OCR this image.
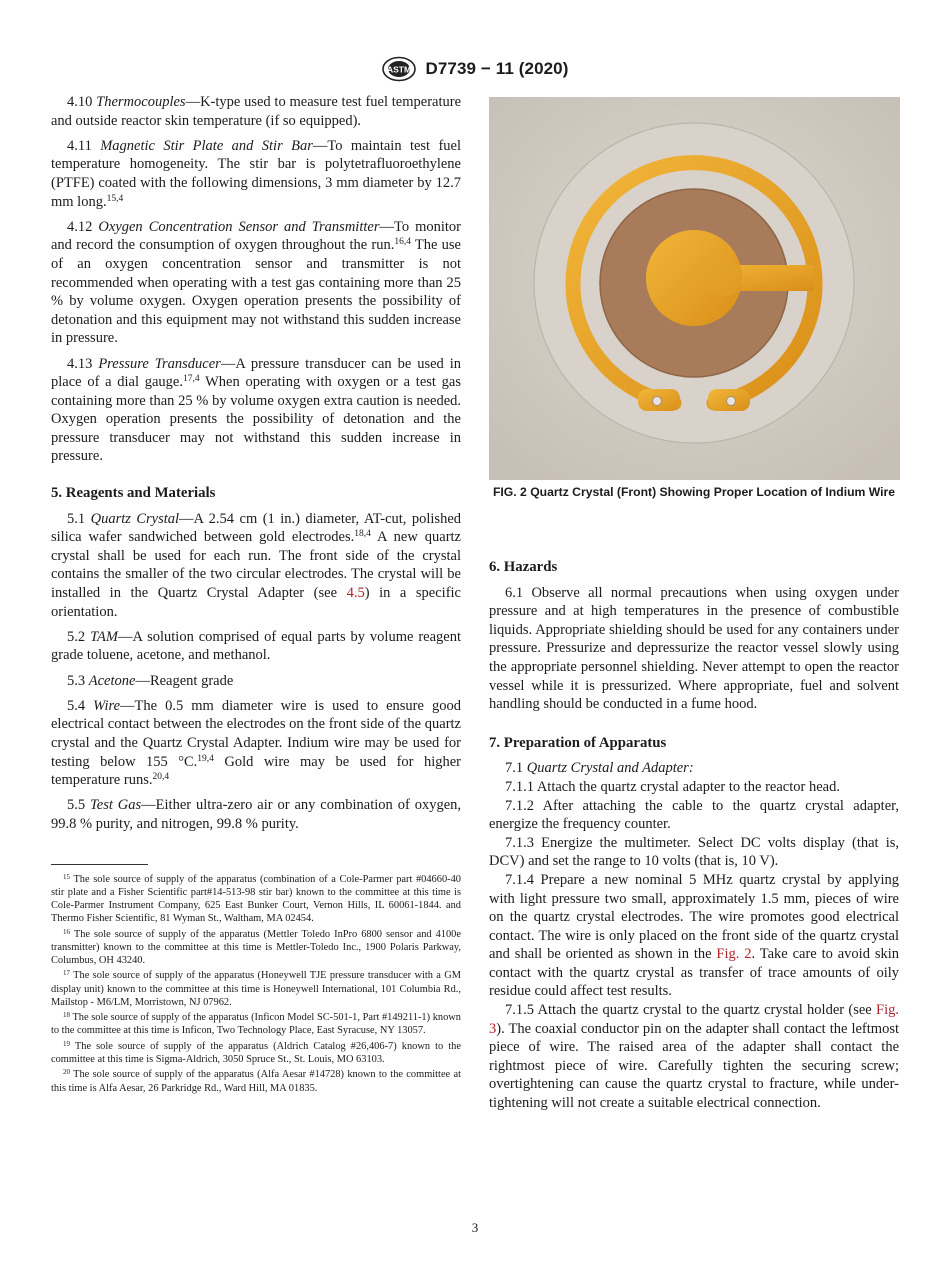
ASTM D7739 − 11 (2020)

4.10 Thermocouples—K-type used to measure test fuel temperature and outside reactor skin temperature (if so equipped).

4.11 Magnetic Stir Plate and Stir Bar—To maintain test fuel temperature homogeneity. The stir bar is polytetrafluoroethylene (PTFE) coated with the following dimensions, 3 mm diameter by 12.7 mm long.$^{15,4}$

4.12 Oxygen Concentration Sensor and Transmitter—To monitor and record the consumption of oxygen throughout the run.$^{16,4}$ The use of an oxygen concentration sensor and transmitter is not recommended when operating with a test gas containing more than 25 % by volume oxygen. Oxygen operation presents the possibility of detonation and this equipment may not withstand this sudden increase in pressure.

4.13 Pressure Transducer—A pressure transducer can be used in place of a dial gauge.$^{17,4}$ When operating with oxygen or a test gas containing more than 25 % by volume oxygen extra caution is needed. Oxygen operation presents the possibility of detonation and the pressure transducer may not withstand this sudden increase in pressure.

5. Reagents and Materials

5.1 Quartz Crystal—A 2.54 cm (1 in.) diameter, AT-cut, polished silica wafer sandwiched between gold electrodes.$^{18,4}$ A new quartz crystal shall be used for each run. The front side of the crystal contains the smaller of the two circular electrodes. The crystal will be installed in the Quartz Crystal Adapter (see 4.5) in a specific orientation.

5.2 TAM—A solution comprised of equal parts by volume reagent grade toluene, acetone, and methanol.

5.3 Acetone—Reagent grade

5.4 Wire—The 0.5 mm diameter wire is used to ensure good electrical contact between the electrodes on the front side of the quartz crystal and the Quartz Crystal Adapter. Indium wire may be used for testing below 155 °C.$^{19,4}$ Gold wire may be used for higher temperature runs.$^{20,4}$

5.5 Test Gas—Either ultra-zero air or any combination of oxygen, 99.8 % purity, and nitrogen, 99.8 % purity.

$^{15}$ The sole source of supply of the apparatus (combination of a Cole-Parmer part #04660-40 stir plate and a Fisher Scientific part#14-513-98 stir bar) known to the committee at this time is Cole-Parmer Instrument Company, 625 East Bunker Court, Vernon Hills, IL 60061-1844. and Thermo Fisher Scientific, 81 Wyman St., Waltham, MA 02454.

$^{16}$ The sole source of supply of the apparatus (Mettler Toledo InPro 6800 sensor and 4100e transmitter) known to the committee at this time is Mettler-Toledo Inc., 1900 Polaris Parkway, Columbus, OH 43240.

$^{17}$ The sole source of supply of the apparatus (Honeywell TJE pressure transducer with a GM display unit) known to the committee at this time is Honeywell International, 101 Columbia Rd., Mailstop - M6/LM, Morristown, NJ 07962.

$^{18}$ The sole source of supply of the apparatus (Inficon Model SC-501-1, Part #149211-1) known to the committee at this time is Inficon, Two Technology Place, East Syracuse, NY 13057.

$^{19}$ The sole source of supply of the apparatus (Aldrich Catalog #26,406-7) known to the committee at this time is Sigma-Aldrich, 3050 Spruce St., St. Louis, MO 63103.

$^{20}$ The sole source of supply of the apparatus (Alfa Aesar #14728) known to the committee at this time is Alfa Aesar, 26 Parkridge Rd., Ward Hill, MA 01835.

FIG. 2 Quartz Crystal (Front) Showing Proper Location of Indium Wire
6. Hazards

6.1 Observe all normal precautions when using oxygen under pressure and at high temperatures in the presence of combustible liquids. Appropriate shielding should be used for any containers under pressure. Pressurize and depressurize the reactor vessel slowly using the appropriate personnel shielding. Never attempt to open the reactor vessel while it is pressurized. Where appropriate, fuel and solvent handling should be conducted in a fume hood.

7. Preparation of Apparatus

7.1 Quartz Crystal and Adapter:

7.1.1 Attach the quartz crystal adapter to the reactor head.

7.1.2 After attaching the cable to the quartz crystal adapter, energize the frequency counter.

7.1.3 Energize the multimeter. Select DC volts display (that is, DCV) and set the range to 10 volts (that is, 10 V).

7.1.4 Prepare a new nominal 5 MHz quartz crystal by applying with light pressure two small, approximately 1.5 mm, pieces of wire on the quartz crystal electrodes. The wire promotes good electrical contact. The wire is only placed on the front side of the quartz crystal and shall be oriented as shown in the Fig. 2. Take care to avoid skin contact with the quartz crystal as transfer of trace amounts of oily residue could affect test results.

7.1.5 Attach the quartz crystal to the quartz crystal holder (see Fig. 3). The coaxial conductor pin on the adapter shall contact the leftmost piece of wire. The raised area of the adapter shall contact the rightmost piece of wire. Carefully tighten the securing screw; overtightening can cause the quartz crystal to fracture, while under-tightening will not create a suitable electrical connection.

3
